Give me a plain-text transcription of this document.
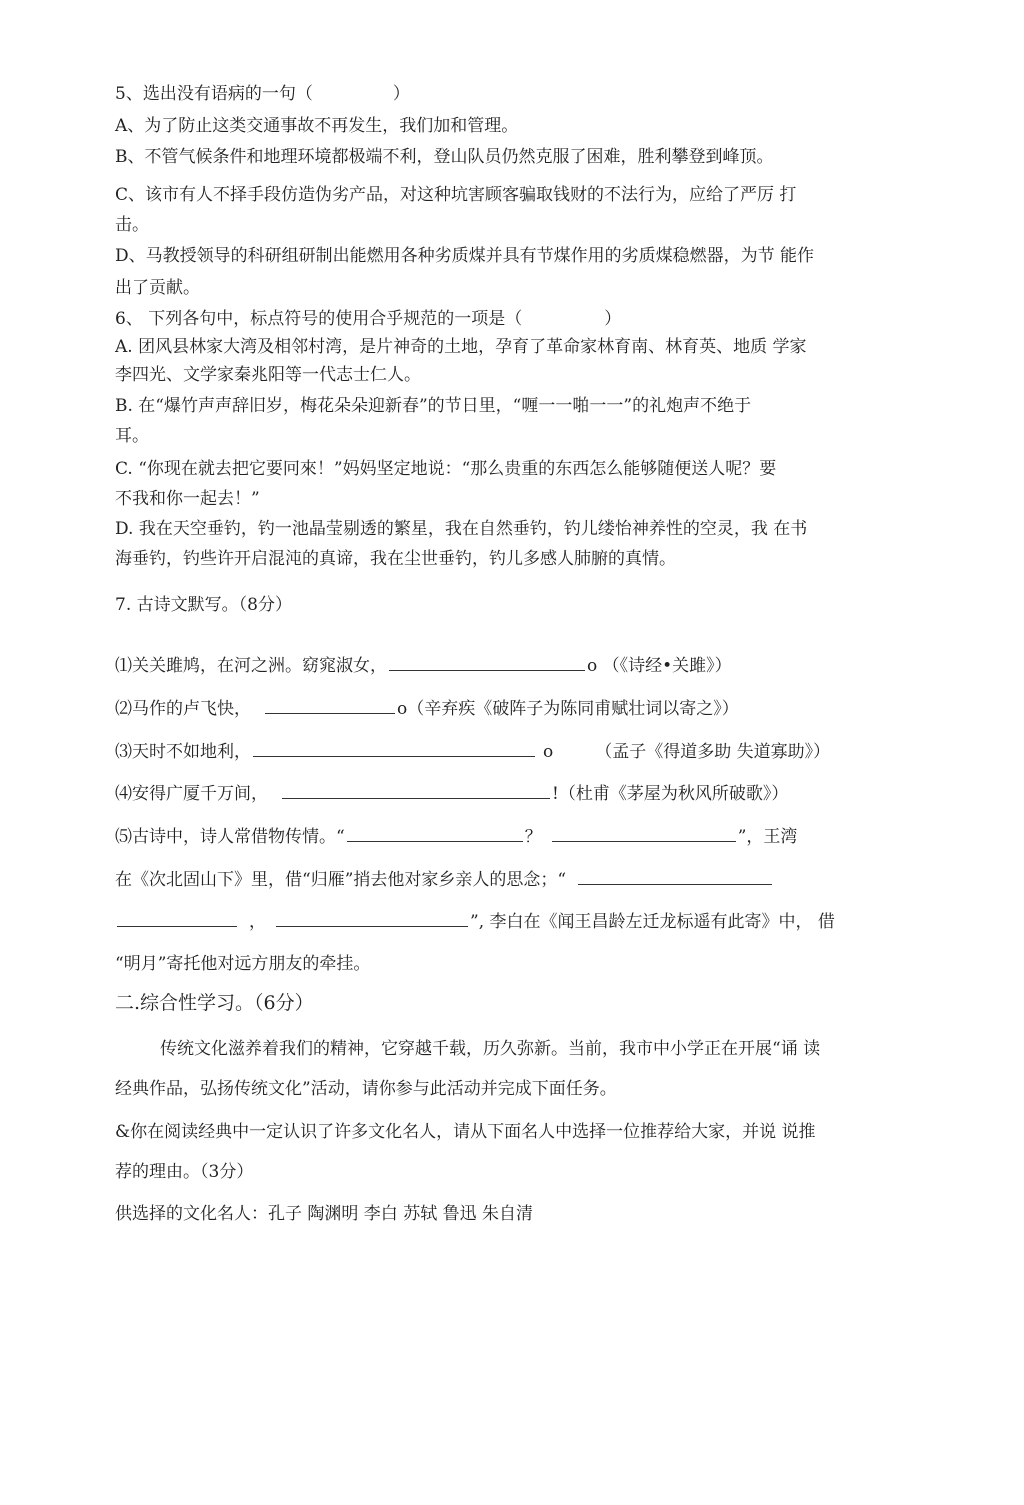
5、选出没有语病的一句（	）
A、为了防止这类交通事故不再发生，我们加和管理。
B、不管气候条件和地理环境都极端不利，登山队员仍然克服了困难，胜利攀登到峰顶。
C、该市有人不择手段仿造伪劣产品，对这种坑害顾客骗取钱财的不法行为，应给了严厉 打
击。
D、马教授领导的科研组研制出能燃用各种劣质煤并具有节煤作用的劣质煤稳燃器，为节 能作
出了贡献。
6、 下列各句中，标点符号的使用合乎规范的一项是（	）
A. 团风县林家大湾及相邻村湾，是片神奇的土地，孕育了革命家林育南、林育英、地质 学家
李四光、文学家秦兆阳等一代志士仁人。
B. 在“爆竹声声辞旧岁，梅花朵朵迎新春”的节日里，“喱一一啪一一”的礼炮声不绝于
耳。
C. “你现在就去把它要冋來！”妈妈坚定地说：“那么贵重的东西怎么能够随便送人呢？要
不我和你一起去！”
D. 我在天空垂钓，钓一池晶莹剔透的繁星，我在自然垂钓，钓儿缕怡神养性的空灵，我 在书
海垂钓，钓些许开启混沌的真谛，我在尘世垂钓，钓儿多感人肺腑的真情。
7. 古诗文默写。（8分）
⑴关关雎鸠，在河之洲。窈窕淑女，	o （《诗经•关雎》）
⑵马作的卢飞快，	o（辛弃疾《破阵子为陈同甫赋壮词以寄之》）
⑶天时不如地利，	o （孟子《得道多助 失道寡助》）
⑷安得广厦千万间，	!（杜甫《茅屋为秋风所破歌》）
⑸古诗中，诗人常借物传情。“	？	”，王湾
在《次北固山下》里，借“归雁”捎去他对家乡亲人的思念；“
，	”, 李白在《闻王昌龄左迁龙标遥有此寄》中， 借
“明月”寄托他对远方朋友的牵挂。
二.综合性学习。（6分）
传统文化滋养着我们的精神，它穿越千载，历久弥新。当前，我市中小学正在开展“诵 读
经典作品，弘扬传统文化”活动，请你参与此活动并完成下面任务。
&你在阅读经典中一定认识了许多文化名人，请从下面名人中选择一位推荐给大家，并说 说推
荐的理由。（3分）
供选择的文化名人：孔子 陶渊明 李白 苏轼 鲁迅 朱自清
